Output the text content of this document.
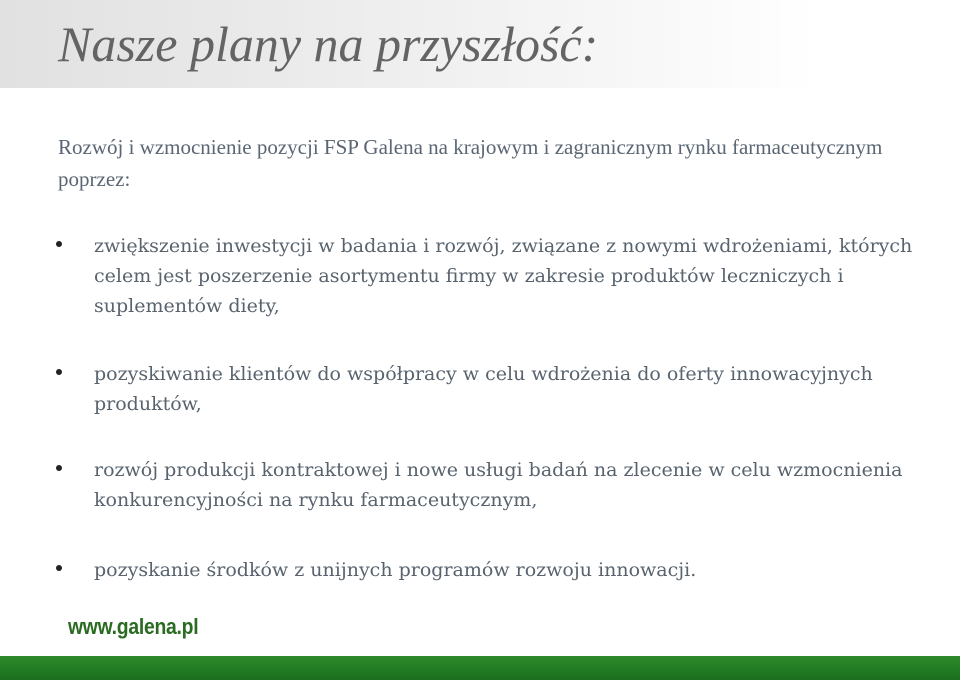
Nasze plany na przyszłość:

Rozwój i wzmocnienie pozycji FSP Galena na krajowym i zagranicznym rynku farmaceutycznym poprzez:

zwiększenie inwestycji w badania i rozwój, związane z nowymi wdrożeniami, których celem jest poszerzenie asortymentu firmy w zakresie produktów leczniczych i suplementów diety,

pozyskiwanie klientów do współpracy w celu wdrożenia do oferty innowacyjnych produktów,

rozwój produkcji kontraktowej i nowe usługi badań na zlecenie w celu wzmocnienia konkurencyjności na rynku farmaceutycznym,

pozyskanie środków z unijnych programów rozwoju innowacji.

www.galena.pl
